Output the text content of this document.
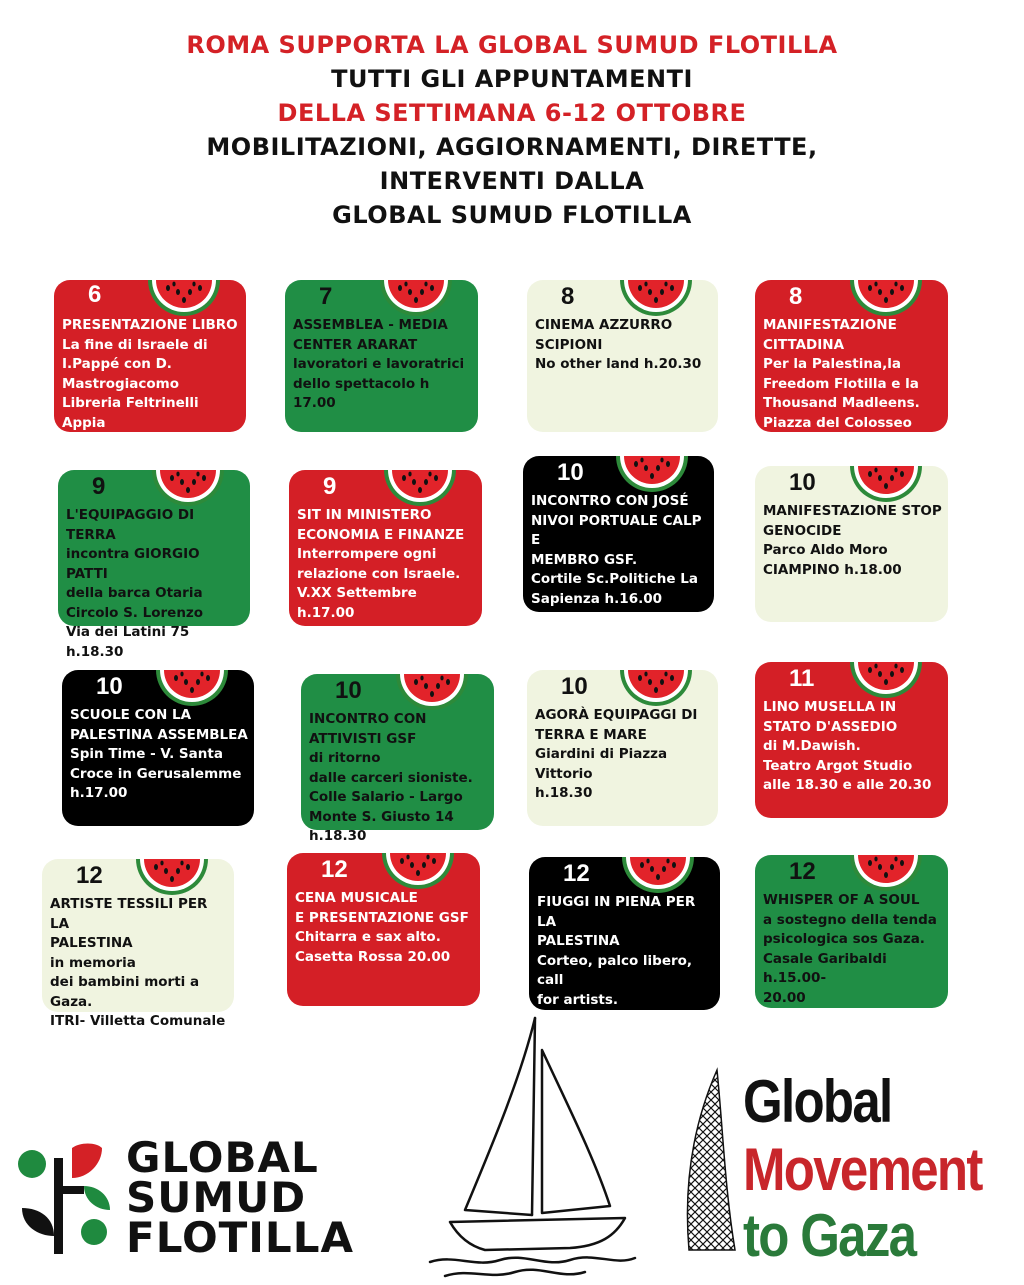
ROMA SUPPORTA LA GLOBAL SUMUD FLOTILLA

TUTTI GLI APPUNTAMENTI

DELLA SETTIMANA 6-12 OTTOBRE

MOBILITAZIONI, AGGIORNAMENTI, DIRETTE,

INTERVENTI DALLA

GLOBAL SUMUD FLOTILLA

6
PRESENTAZIONE LIBRO
La fine di Israele di
I.Pappé con D.
Mastrogiacomo
Libreria Feltrinelli Appia
h.18.00
7
ASSEMBLEA - MEDIA
CENTER ARARAT
lavoratori e lavoratrici
dello spettacolo h 17.00
8
CINEMA AZZURRO
SCIPIONI
No other land h.20.30
8
MANIFESTAZIONE
CITTADINA
Per la Palestina,la
Freedom Flotilla e la
Thousand Madleens.
Piazza del Colosseo h.18.30
9
L'EQUIPAGGIO DI TERRA
incontra GIORGIO PATTI
della barca Otaria
Circolo S. Lorenzo
Via dei Latini 75 h.18.30
9
SIT IN MINISTERO
ECONOMIA E FINANZE
Interrompere ogni
relazione con Israele.
V.XX Settembre h.17.00
10
INCONTRO CON JOSÉ
NIVOI PORTUALE CALP E
MEMBRO GSF.
Cortile Sc.Politiche La
Sapienza h.16.00
10
MANIFESTAZIONE STOP
GENOCIDE
Parco Aldo Moro
CIAMPINO h.18.00
10
SCUOLE CON LA
PALESTINA ASSEMBLEA
Spin Time - V. Santa
Croce in Gerusalemme
h.17.00
10
INCONTRO CON
ATTIVISTI GSF
di ritorno
dalle carceri sioniste.
Colle Salario - Largo
Monte S. Giusto 14
h.18.30
10
AGORÀ EQUIPAGGI DI
TERRA E MARE
Giardini di Piazza
Vittorio
h.18.30
11
LINO MUSELLA IN
STATO D'ASSEDIO
di M.Dawish.
Teatro Argot Studio
alle 18.30 e alle 20.30
12
ARTISTE TESSILI PER LA
PALESTINA
in memoria
dei bambini morti a
Gaza.
ITRI- Villetta Comunale
12
CENA MUSICALE
E PRESENTAZIONE GSF
Chitarra e sax alto.
Casetta Rossa 20.00
12
FIUGGI IN PIENA PER LA
PALESTINA
Corteo, palco libero, call
for artists.
Piazza Spada h 16.00
Fiuggi
12
WHISPER OF A SOUL
a sostegno della tenda
psicologica sos Gaza.
Casale Garibaldi h.15.00-
20.00
GLOBAL
SUMUD
FLOTILLA
Global
Movement
to Gaza
